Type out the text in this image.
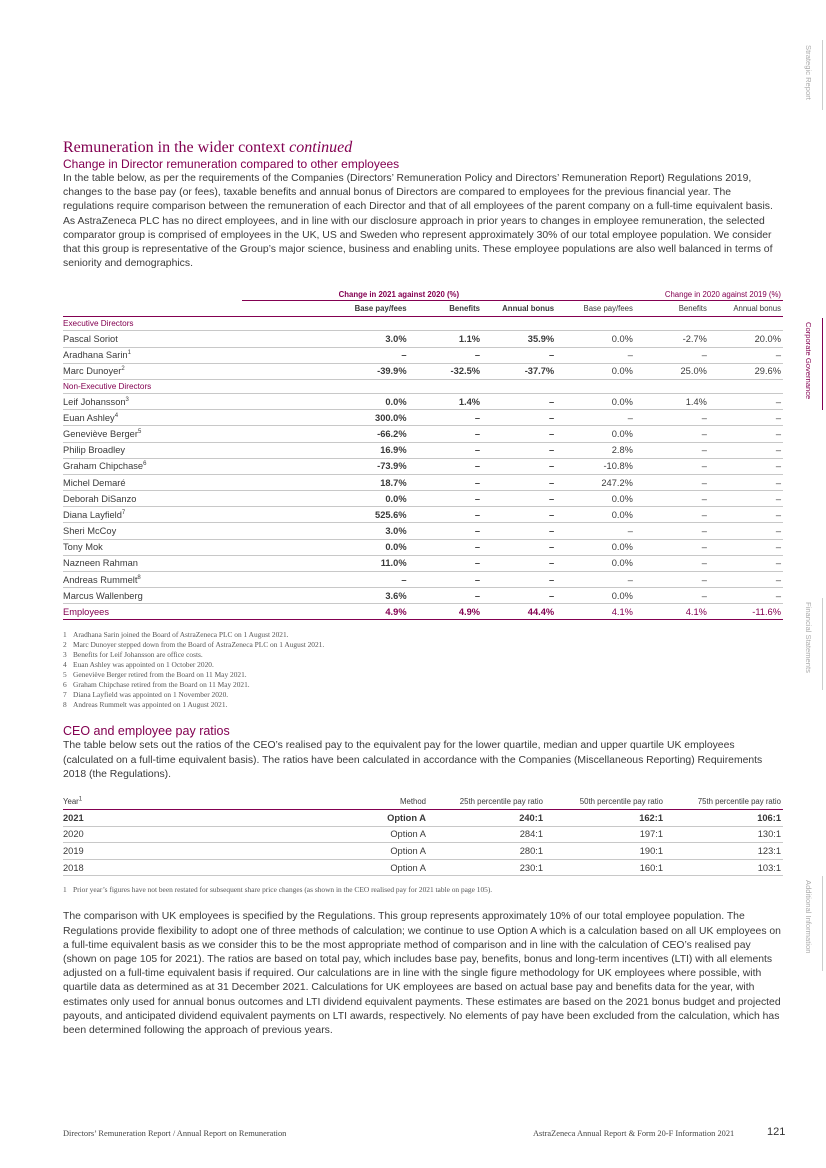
Strategic Report
Corporate Governance
Financial Statements
Additional Information
Remuneration in the wider context continued
Change in Director remuneration compared to other employees

In the table below, as per the requirements of the Companies (Directors’ Remuneration Policy and Directors’ Remuneration Report) Regulations 2019, changes to the base pay (or fees), taxable benefits and annual bonus of Directors are compared to employees for the previous financial year. The regulations require comparison between the remuneration of each Director and that of all employees of the parent company on a full-time equivalent basis. As AstraZeneca PLC has no direct employees, and in line with our disclosure approach in prior years to changes in employee remuneration, the selected comparator group is comprised of employees in the UK, US and Sweden who represent approximately 30% of our total employee population. We consider that this group is representative of the Group’s major science, business and enabling units. These employee populations are also well balanced in terms of seniority and demographics.

	Change in 2021 against 2020 (%)			Change in 2020 against 2019 (%)		
	Base pay/fees	Benefits	Annual bonus	Base pay/fees	Benefits	Annual bonus
Executive Directors						
Pascal Soriot	3.0%	1.1%	35.9%	0.0%	-2.7%	20.0%
Aradhana Sarin$^1$	–	–	–	–	–	–
Marc Dunoyer$^2$	-39.9%	-32.5%	-37.7%	0.0%	25.0%	29.6%
Non-Executive Directors						
Leif Johansson$^3$	0.0%	1.4%	–	0.0%	1.4%	–
Euan Ashley$^4$	300.0%	–	–	–	–	–
Geneviève Berger$^5$	-66.2%	–	–	0.0%	–	–
Philip Broadley	16.9%	–	–	2.8%	–	–
Graham Chipchase$^6$	-73.9%	–	–	-10.8%	–	–
Michel Demaré	18.7%	–	–	247.2%	–	–
Deborah DiSanzo	0.0%	–	–	0.0%	–	–
Diana Layfield$^7$	525.6%	–	–	0.0%	–	–
Sheri McCoy	3.0%	–	–	–	–	–
Tony Mok	0.0%	–	–	0.0%	–	–
Nazneen Rahman	11.0%	–	–	0.0%	–	–
Andreas Rummelt$^8$	–	–	–	–	–	–
Marcus Wallenberg	3.6%	–	–	0.0%	–	–
Employees	4.9%	4.9%	44.4%	4.1%	4.1%	-11.6%
1 Aradhana Sarin joined the Board of AstraZeneca PLC on 1 August 2021.
2 Marc Dunoyer stepped down from the Board of AstraZeneca PLC on 1 August 2021.
3 Benefits for Leif Johansson are office costs.
4 Euan Ashley was appointed on 1 October 2020.
5 Geneviève Berger retired from the Board on 11 May 2021.
6 Graham Chipchase retired from the Board on 11 May 2021.
7 Diana Layfield was appointed on 1 November 2020.
8 Andreas Rummelt was appointed on 1 August 2021.
CEO and employee pay ratios

The table below sets out the ratios of the CEO’s realised pay to the equivalent pay for the lower quartile, median and upper quartile UK employees (calculated on a full-time equivalent basis). The ratios have been calculated in accordance with the Companies (Miscellaneous Reporting) Requirements 2018 (the Regulations).

Year$^1$	Method	25th percentile pay ratio	50th percentile pay ratio	75th percentile pay ratio
2021	Option A	240:1	162:1	106:1
2020	Option A	284:1	197:1	130:1
2019	Option A	280:1	190:1	123:1
2018	Option A	230:1	160:1	103:1
1 Prior year’s figures have not been restated for subsequent share price changes (as shown in the CEO realised pay for 2021 table on page 105).

The comparison with UK employees is specified by the Regulations. This group represents approximately 10% of our total employee population. The Regulations provide flexibility to adopt one of three methods of calculation; we continue to use Option A which is a calculation based on all UK employees on a full-time equivalent basis as we consider this to be the most appropriate method of comparison and in line with the calculation of CEO’s realised pay (shown on page 105 for 2021). The ratios are based on total pay, which includes base pay, benefits, bonus and long-term incentives (LTI) with all elements adjusted on a full-time equivalent basis if required. Our calculations are in line with the single figure methodology for UK employees where possible, with quartile data as determined as at 31 December 2021. Calculations for UK employees are based on actual base pay and benefits data for the year, with estimates only used for annual bonus outcomes and LTI dividend equivalent payments. These estimates are based on the 2021 bonus budget and projected payouts, and anticipated dividend equivalent payments on LTI awards, respectively. No elements of pay have been excluded from the calculation, which has been determined following the approach of previous years.

Directors’ Remuneration Report / Annual Report on Remuneration	AstraZeneca Annual Report & Form 20-F Information 2021	121
